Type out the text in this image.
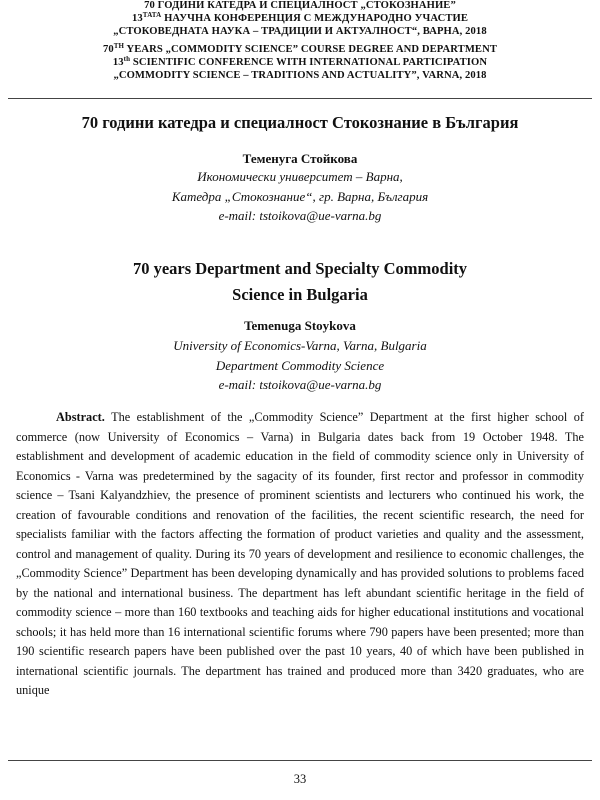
70 ГОДИНИ КАТЕДРА И СПЕЦИАЛНОСТ „СТОКОЗНАНИЕ”
$13^{ТАТА}$ НАУЧНА КОНФЕРЕНЦИЯ С МЕЖДУНАРОДНО УЧАСТИЕ
„СТОКОВЕДНАТА НАУКА – ТРАДИЦИИ И АКТУАЛНОСТ“, ВАРНА, 2018
70TH YEARS „COMMODITY SCIENCE” COURSE DEGREE AND DEPARTMENT
13th SCIENTIFIC CONFERENCE WITH INTERNATIONAL PARTICIPATION
„COMMODITY SCIENCE – TRADITIONS AND ACTUALITY”, VARNA, 2018
70 години катедра и специалност Стокознание в България
Теменуга Стойкова
Икономически университет – Варна,
Катедра „Стокознание“, гр. Варна, България
e-mail: tstoikova@ue-varna.bg
70 years Department and Specialty Commodity
Science in Bulgaria
Temenuga Stoykova
University of Economics-Varna, Varna, Bulgaria
Department Commodity Science
e-mail: tstoikova@ue-varna.bg

Abstract. The establishment of the „Commodity Science” Department at the first higher school of commerce (now University of Economics – Varna) in Bulgaria dates back from 19 October 1948. The establishment and development of academic education in the field of commodity science only in University of Economics - Varna was predetermined by the sagacity of its founder, first rector and professor in commodity science – Tsani Kalyandzhiev, the presence of prominent scientists and lecturers who continued his work, the creation of favourable conditions and renovation of the facilities, the recent scientific research, the need for specialists familiar with the factors affecting the formation of product varieties and quality and the assessment, control and management of quality. During its 70 years of development and resilience to economic challenges, the „Commodity Science” Department has been developing dynamically and has provided solutions to problems faced by the national and international business. The department has left abundant scientific heritage in the field of commodity science – more than 160 textbooks and teaching aids for higher educational institutions and vocational schools; it has held more than 16 international scientific forums where 790 papers have been presented; more than 190 scientific research papers have been published over the past 10 years, 40 of which have been published in international scientific journals. The department has trained and produced more than 3420 graduates, who are unique

33
